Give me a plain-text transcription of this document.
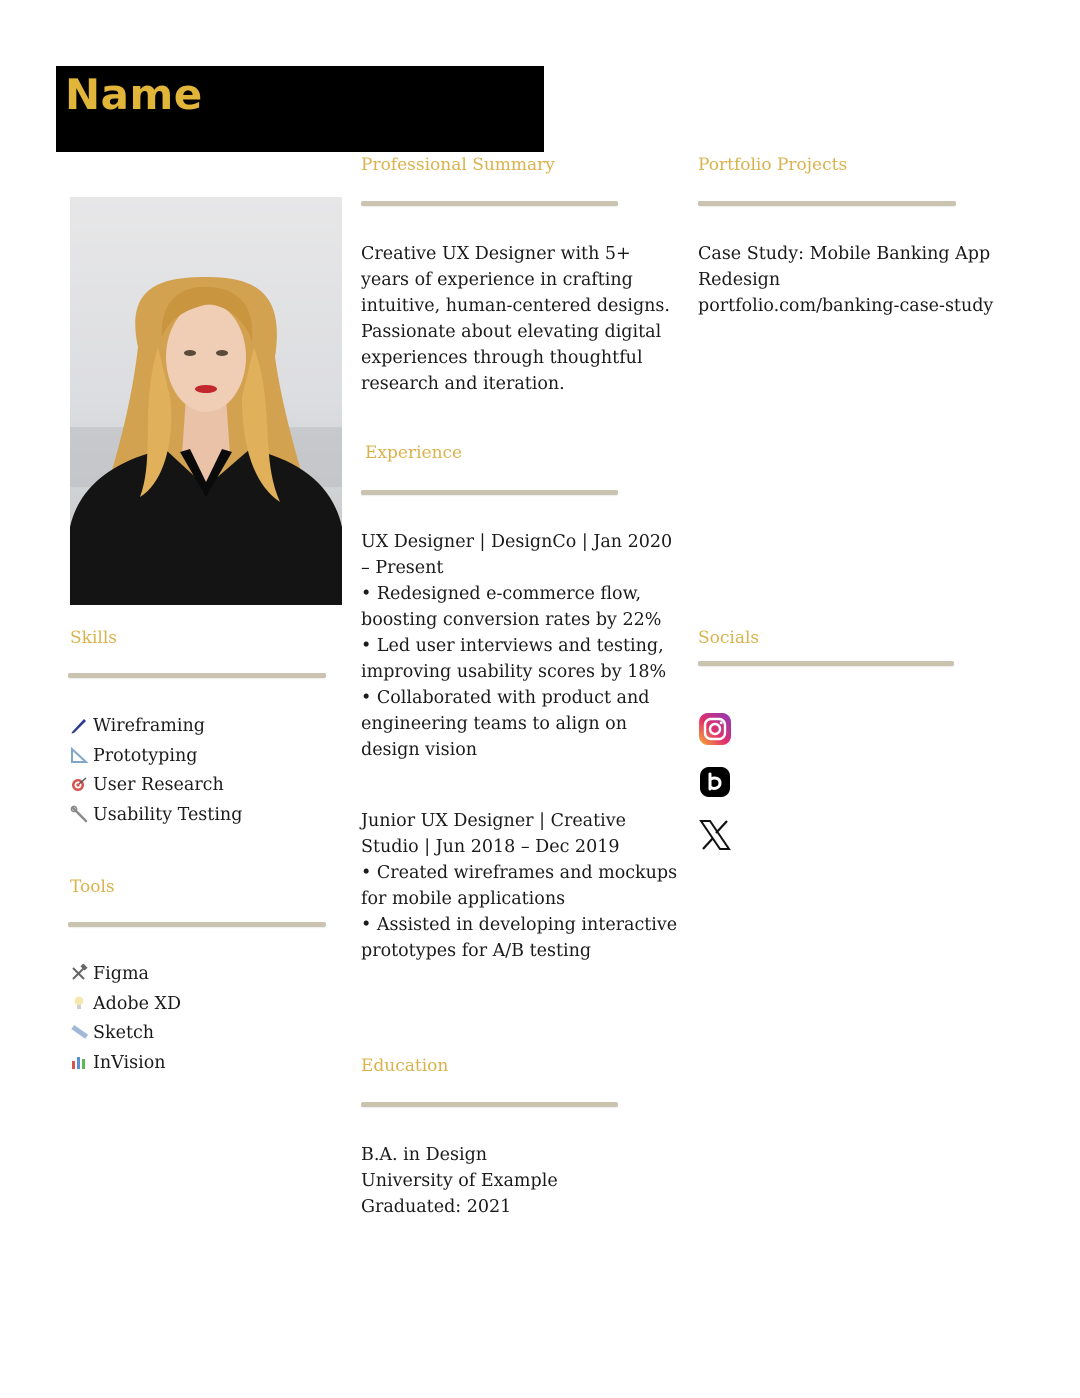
Name
Professional Summary
Creative UX Designer with 5+ years of experience in crafting intuitive, human-centered designs. Passionate about elevating digital experiences through thoughtful research and iteration.
Portfolio Projects

Case Study: Mobile Banking App Redesign

portfolio.com/banking-case-study

Experience

UX Designer | DesignCo | Jan 2020 – Present

• Redesigned e-commerce flow, boosting conversion rates by 22%

• Led user interviews and testing, improving usability scores by 18%

• Collaborated with product and engineering teams to align on design vision

Junior UX Designer | Creative Studio | Jun 2018 – Dec 2019

• Created wireframes and mockups for mobile applications

• Assisted in developing interactive prototypes for A/B testing

Education

B.A. in Design

University of Example

Graduated: 2021

Skills
Wireframing
Prototyping
User Research
Usability Testing
Tools
Figma
Adobe XD
Sketch
InVision
Socials
